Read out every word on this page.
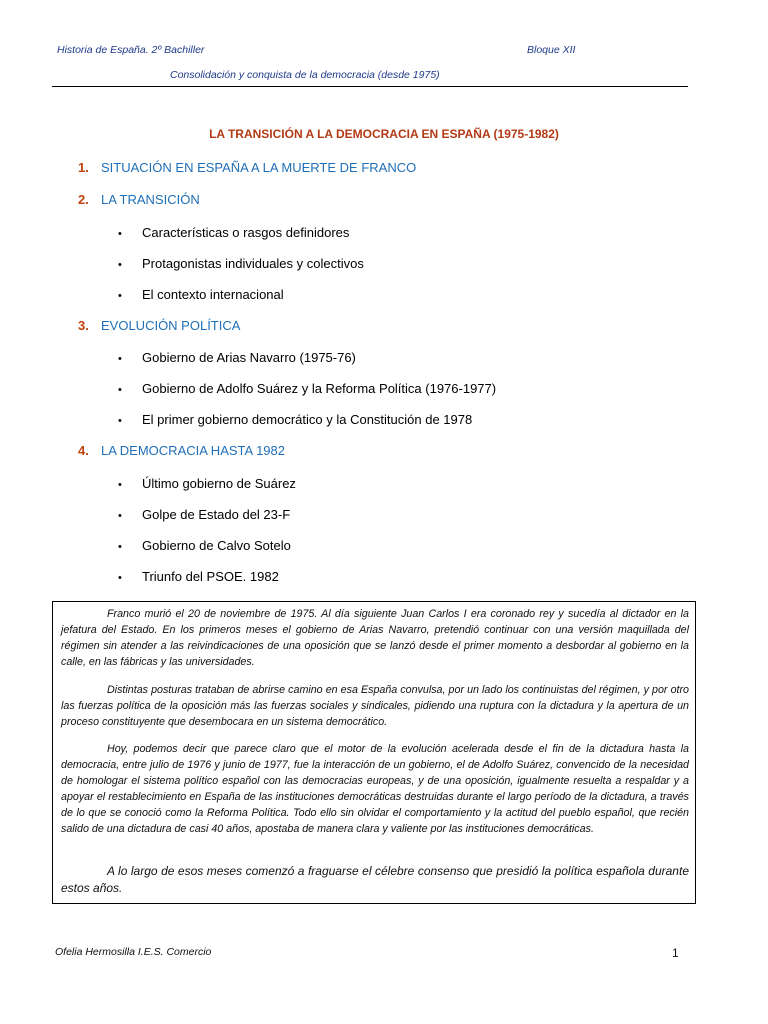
Historia de España. 2º Bachiller	Bloque XII
Consolidación y conquista de la democracia (desde 1975)
LA TRANSICIÓN A LA DEMOCRACIA EN ESPAÑA (1975-1982)
1. SITUACIÓN EN ESPAÑA A LA MUERTE DE FRANCO
2. LA TRANSICIÓN
• Características o rasgos definidores
• Protagonistas individuales y colectivos
• El contexto internacional
3. EVOLUCIÓN POLÍTICA
• Gobierno de Arias Navarro (1975-76)
• Gobierno de Adolfo Suárez y la Reforma Política (1976-1977)
• El primer gobierno democrático y la Constitución de 1978
4. LA DEMOCRACIA HASTA 1982
• Último gobierno de Suárez
• Golpe de Estado del 23-F
• Gobierno de Calvo Sotelo
• Triunfo del PSOE. 1982

Franco murió el 20 de noviembre de 1975. Al día siguiente Juan Carlos I era coronado rey y sucedía al dictador en la jefatura del Estado. En los primeros meses el gobierno de Arias Navarro, pretendió continuar con una versión maquillada del régimen sin atender a las reivindicaciones de una oposición que se lanzó desde el primer momento a desbordar al gobierno en la calle, en las fábricas y las universidades.

Distintas posturas trataban de abrirse camino en esa España convulsa, por un lado los continuistas del régimen, y por otro las fuerzas política de la oposición más las fuerzas sociales y sindicales, pidiendo una ruptura con la dictadura y la apertura de un proceso constituyente que desembocara en un sistema democrático.

Hoy, podemos decir que parece claro que el motor de la evolución acelerada desde el fin de la dictadura hasta la democracia, entre julio de 1976 y junio de 1977, fue la interacción de un gobierno, el de Adolfo Suárez, convencido de la necesidad de homologar el sistema político español con las democracias europeas, y de una oposición, igualmente resuelta a respaldar y a apoyar el restablecimiento en España de las instituciones democráticas destruidas durante el largo período de la dictadura, a través de lo que se conoció como la Reforma Política. Todo ello sin olvidar el comportamiento y la actitud del pueblo español, que recién salido de una dictadura de casi 40 años, apostaba de manera clara y valiente por las instituciones democráticas.

A lo largo de esos meses comenzó a fraguarse el célebre consenso que presidió la política española durante estos años.

Ofelia Hermosilla I.E.S. Comercio	1
